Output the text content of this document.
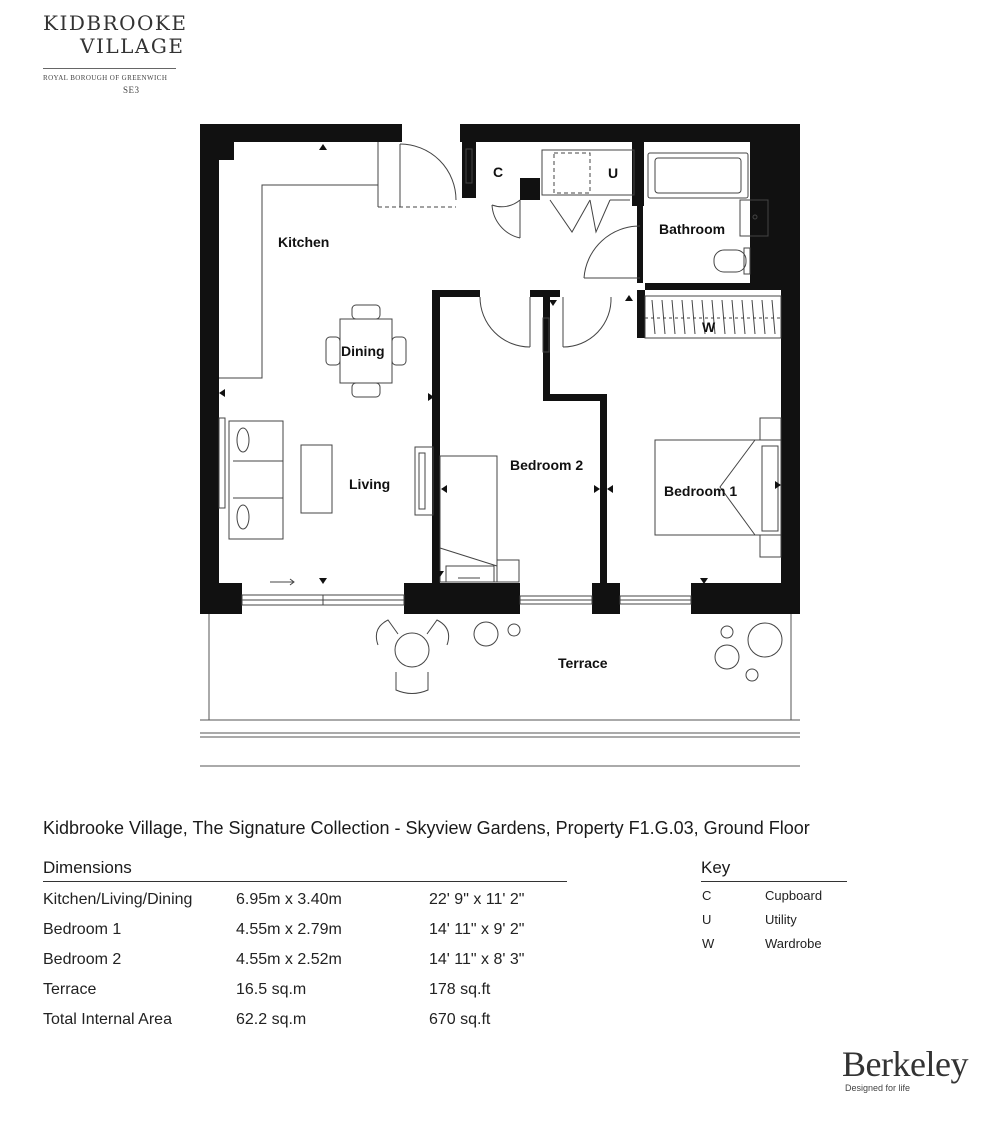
KIDBROOKE
VILLAGE
ROYAL BOROUGH OF GREENWICH
SE3
Kitchen
Dining
Living
Bedroom 2
Bedroom 1
Bathroom
Terrace
C	U
W
Kidbrooke Village, The Signature Collection - Skyview Gardens, Property F1.G.03, Ground Floor
Dimensions
Kitchen/Living/Dining	6.95m x 3.40m	22' 9" x 11' 2"
Bedroom 1	4.55m x 2.79m	14' 11" x 9' 2"
Bedroom 2	4.55m x 2.52m	14' 11" x 8' 3"
Terrace	16.5 sq.m	178 sq.ft
Total Internal Area	62.2 sq.m	670 sq.ft
Key
C	Cupboard
U	Utility
W	Wardrobe
Berkeley
Designed for life
